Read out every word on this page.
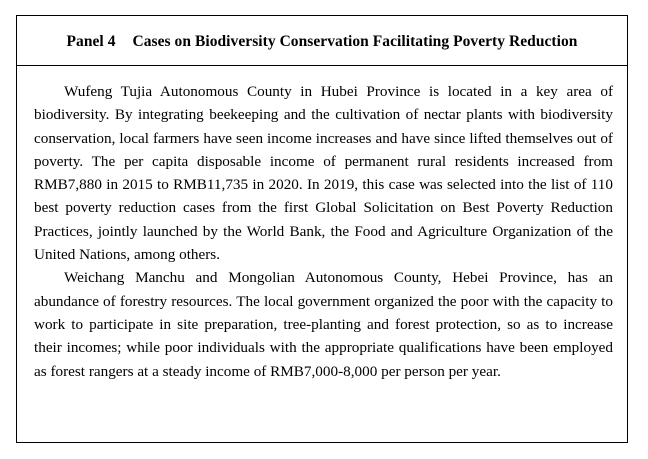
Panel 4 Cases on Biodiversity Conservation Facilitating Poverty Reduction

Wufeng Tujia Autonomous County in Hubei Province is located in a key area of biodiversity. By integrating beekeeping and the cultivation of nectar plants with biodiversity conservation, local farmers have seen income increases and have since lifted themselves out of poverty. The per capita disposable income of permanent rural residents increased from RMB7,880 in 2015 to RMB11,735 in 2020. In 2019, this case was selected into the list of 110 best poverty reduction cases from the first Global Solicitation on Best Poverty Reduction Practices, jointly launched by the World Bank, the Food and Agriculture Organization of the United Nations, among others.

Weichang Manchu and Mongolian Autonomous County, Hebei Province, has an abundance of forestry resources. The local government organized the poor with the capacity to work to participate in site preparation, tree-planting and forest protection, so as to increase their incomes; while poor individuals with the appropriate qualifications have been employed as forest rangers at a steady income of RMB7,000-8,000 per person per year.
